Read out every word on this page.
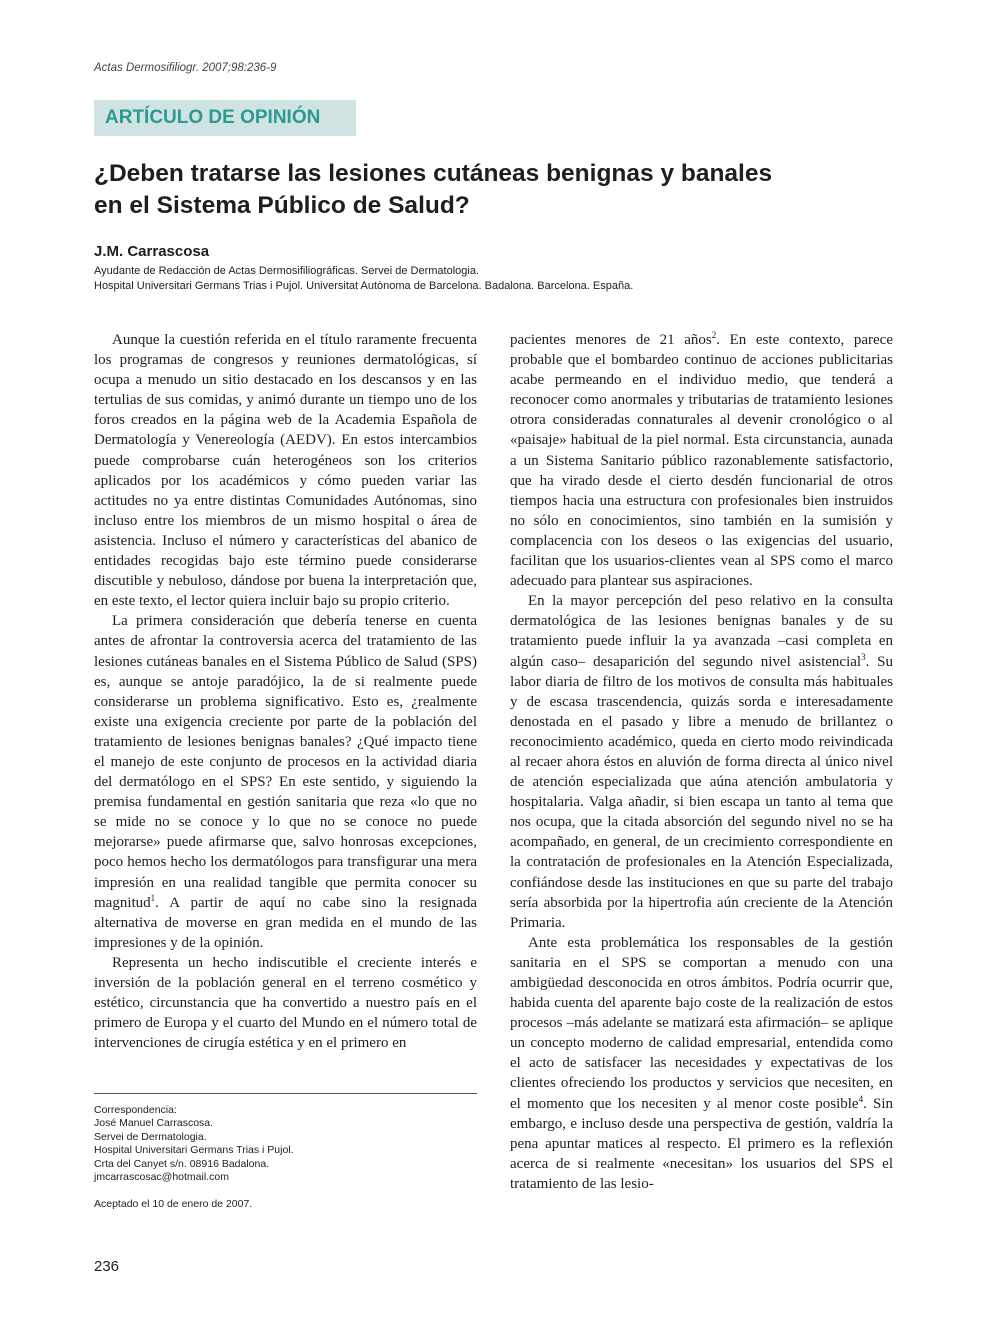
Actas Dermosifiliogr. 2007;98:236-9
ARTÍCULO DE OPINIÓN
¿Deben tratarse las lesiones cutáneas benignas y banales
en el Sistema Público de Salud?
J.M. Carrascosa
Ayudante de Redacción de Actas Dermosifiliográficas. Servei de Dermatologia.
Hospital Universitari Germans Trias i Pujol. Universitat Autònoma de Barcelona. Badalona. Barcelona. España.

Aunque la cuestión referida en el título raramente frecuenta los programas de congresos y reuniones dermatológicas, sí ocupa a menudo un sitio destacado en los descansos y en las tertulias de sus comidas, y animó durante un tiempo uno de los foros creados en la página web de la Academia Española de Dermatología y Venereología (AEDV). En estos intercambios puede comprobarse cuán heterogéneos son los criterios aplicados por los académicos y cómo pueden variar las actitudes no ya entre distintas Comunidades Autónomas, sino incluso entre los miembros de un mismo hospital o área de asistencia. Incluso el número y características del abanico de entidades recogidas bajo este término puede considerarse discutible y nebuloso, dándose por buena la interpretación que, en este texto, el lector quiera incluir bajo su propio criterio.

La primera consideración que debería tenerse en cuenta antes de afrontar la controversia acerca del tratamiento de las lesiones cutáneas banales en el Sistema Público de Salud (SPS) es, aunque se antoje paradójico, la de si realmente puede considerarse un problema significativo. Esto es, ¿realmente existe una exigencia creciente por parte de la población del tratamiento de lesiones benignas banales? ¿Qué impacto tiene el manejo de este conjunto de procesos en la actividad diaria del dermatólogo en el SPS? En este sentido, y siguiendo la premisa fundamental en gestión sanitaria que reza «lo que no se mide no se conoce y lo que no se conoce no puede mejorarse» puede afirmarse que, salvo honrosas excepciones, poco hemos hecho los dermatólogos para transfigurar una mera impresión en una realidad tangible que permita conocer su magnitud$^1$. A partir de aquí no cabe sino la resignada alternativa de moverse en gran medida en el mundo de las impresiones y de la opinión.

Representa un hecho indiscutible el creciente interés e inversión de la población general en el terreno cosmético y estético, circunstancia que ha convertido a nuestro país en el primero de Europa y el cuarto del Mundo en el número total de intervenciones de cirugía estética y en el primero en

pacientes menores de 21 años$^2$. En este contexto, parece probable que el bombardeo continuo de acciones publicitarias acabe permeando en el individuo medio, que tenderá a reconocer como anormales y tributarias de tratamiento lesiones otrora consideradas connaturales al devenir cronológico o al «paisaje» habitual de la piel normal. Esta circunstancia, aunada a un Sistema Sanitario público razonablemente satisfactorio, que ha virado desde el cierto desdén funcionarial de otros tiempos hacia una estructura con profesionales bien instruidos no sólo en conocimientos, sino también en la sumisión y complacencia con los deseos o las exigencias del usuario, facilitan que los usuarios-clientes vean al SPS como el marco adecuado para plantear sus aspiraciones.

En la mayor percepción del peso relativo en la consulta dermatológica de las lesiones benignas banales y de su tratamiento puede influir la ya avanzada –casi completa en algún caso– desaparición del segundo nivel asistencial$^3$. Su labor diaria de filtro de los motivos de consulta más habituales y de escasa trascendencia, quizás sorda e interesadamente denostada en el pasado y libre a menudo de brillantez o reconocimiento académico, queda en cierto modo reivindicada al recaer ahora éstos en aluvión de forma directa al único nivel de atención especializada que aúna atención ambulatoria y hospitalaria. Valga añadir, si bien escapa un tanto al tema que nos ocupa, que la citada absorción del segundo nivel no se ha acompañado, en general, de un crecimiento correspondiente en la contratación de profesionales en la Atención Especializada, confiándose desde las instituciones en que su parte del trabajo sería absorbida por la hipertrofia aún creciente de la Atención Primaria.

Ante esta problemática los responsables de la gestión sanitaria en el SPS se comportan a menudo con una ambigüedad desconocida en otros ámbitos. Podría ocurrir que, habida cuenta del aparente bajo coste de la realización de estos procesos –más adelante se matizará esta afirmación– se aplique un concepto moderno de calidad empresarial, entendida como el acto de satisfacer las necesidades y expectativas de los clientes ofreciendo los productos y servicios que necesiten, en el momento que los necesiten y al menor coste posible$^4$. Sin embargo, e incluso desde una perspectiva de gestión, valdría la pena apuntar matices al respecto. El primero es la reflexión acerca de si realmente «necesitan» los usuarios del SPS el tratamiento de las lesio-

Correspondencia:
José Manuel Carrascosa.
Servei de Dermatologia.
Hospital Universitari Germans Trias i Pujol.
Crta del Canyet s/n. 08916 Badalona.
jmcarrascosac@hotmail.com
Aceptado el 10 de enero de 2007.
236
